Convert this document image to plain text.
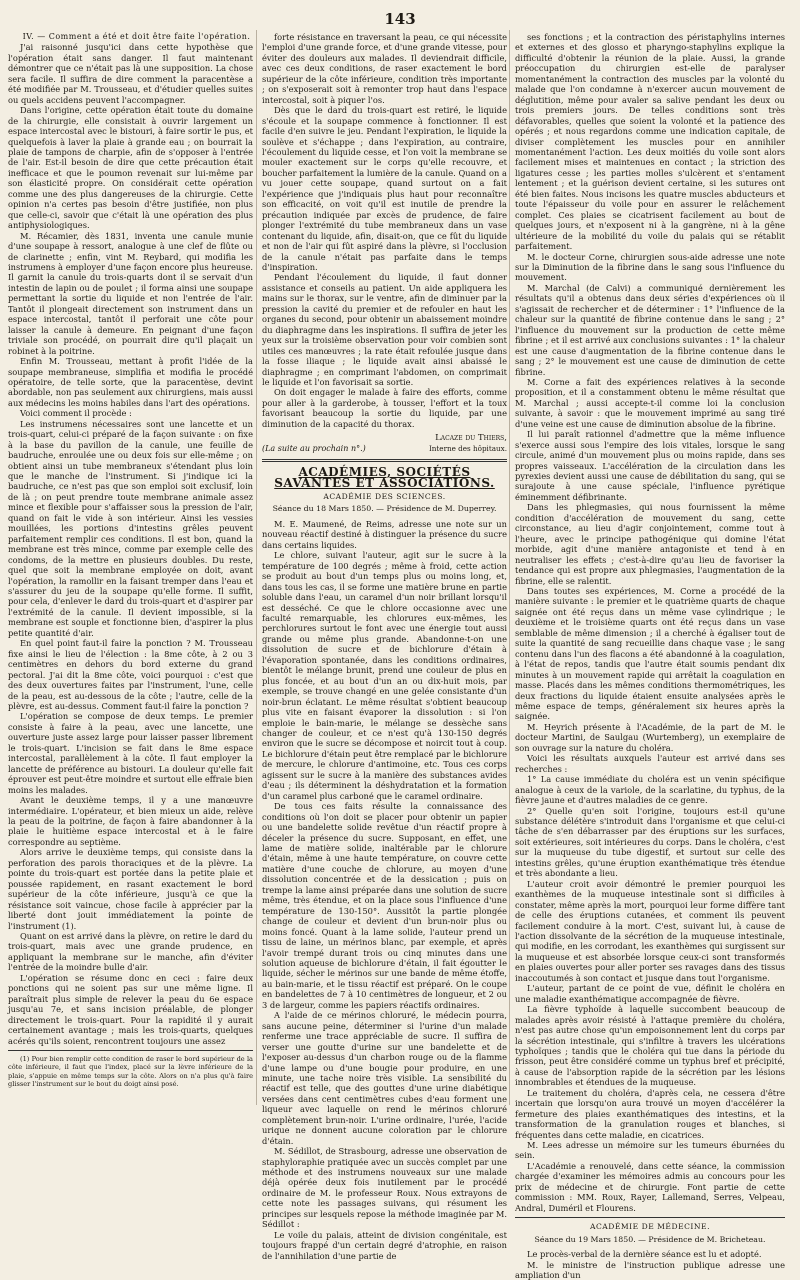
143

IV. — Comment a été et doit être faite l'opération.

J'ai raisonné jusqu'ici dans cette hypothèse que l'opération était sans danger. Il faut maintenant démontrer que ce n'était pas là une supposition. La chose sera facile. Il suffira de dire comment la paracentèse a été modifiée par M. Trousseau, et d'étudier quelles suites ou quels accidens peuvent l'accompagner.

Dans l'origine, cette opération était toute du domaine de la chirurgie, elle consistait à ouvrir largement un espace intercostal avec le bistouri, à faire sortir le pus, et quelquefois à laver la plaie à grande eau ; on bourrait la plaie de tampons de charpie, afin de s'opposer à l'entrée de l'air. Est-il besoin de dire que cette précaution était inefficace et que le poumon revenait sur lui-même par son élasticité propre. On considérait cette opération comme une des plus dangereuses de la chirurgie. Cette opinion n'a certes pas besoin d'être justifiée, non plus que celle-ci, savoir que c'était là une opération des plus antiphysiologiques.

M. Récamier, dès 1831, inventa une canule munie d'une soupape à ressort, analogue à une clef de flûte ou de clarinette ; enfin, vint M. Reybard, qui modifia les instrumens à employer d'une façon encore plus heureuse. Il garnit la canule du trois-quarts dont il se servait d'un intestin de lapin ou de poulet ; il forma ainsi une soupape permettant la sortie du liquide et non l'entrée de l'air. Tantôt il plongeait directement son instrument dans un espace intercostal, tantôt il perforait une côte pour laisser la canule à demeure. En peignant d'une façon triviale son procédé, on pourrait dire qu'il plaçait un robinet à la poitrine.

Enfin M. Trousseau, mettant à profit l'idée de la soupape membraneuse, simplifia et modifia le procédé opératoire, de telle sorte, que la paracentèse, devint abordable, non pas seulement aux chirurgiens, mais aussi aux médecins les moins habiles dans l'art des opérations.

Voici comment il procède :

Les instrumens nécessaires sont une lancette et un trois-quart, celui-ci préparé de la façon suivante : on fixe à la base du pavillon de la canule, une feuille de baudruche, enroulée une ou deux fois sur elle-même ; on obtient ainsi un tube membraneux s'étendant plus loin que le manche de l'instrument. Si j'indique ici la baudruche, ce n'est pas que son emploi soit exclusif, loin de là ; on peut prendre toute membrane animale assez mince et flexible pour s'affaisser sous la pression de l'air, quand on fait le vide à son intérieur. Ainsi les vessies mouillées, les portions d'intestins grêles peuvent parfaitement remplir ces conditions. Il est bon, quand la membrane est très mince, comme par exemple celle des condoms, de la mettre en plusieurs doubles. Du reste, quel que soit la membrane employée on doit, avant l'opération, la ramollir en la faisant tremper dans l'eau et s'assurer du jeu de la soupape qu'elle forme. Il suffit, pour cela, d'enlever le dard du trois-quart et d'aspirer par l'extrémité de la canule. Il devient impossible, si la membrane est souple et fonctionne bien, d'aspirer la plus petite quantité d'air.

En quel point faut-il faire la ponction ? M. Trousseau fixe ainsi le lieu de l'élection : la 8me côte, à 2 ou 3 centimètres en dehors du bord externe du grand pectoral. J'ai dit la 8me côte, voici pourquoi : c'est que des deux ouvertures faites par l'instrument, l'une, celle de la peau, est au-dessous de la côte ; l'autre, celle de la plèvre, est au-dessus. Comment faut-il faire la ponction ?

L'opération se compose de deux temps. Le premier consiste à faire à la peau, avec une lancette, une ouverture juste assez large pour laisser passer librement le trois-quart. L'incision se fait dans le 8me espace intercostal, parallèlement à la côte. Il faut employer la lancette de préférence au bistouri. La douleur qu'elle fait éprouver est peut-être moindre et surtout elle effraie bien moins les malades.

Avant le deuxième temps, il y a une manœuvre intermédiaire. L'opérateur, et bien mieux un aide, relève la peau de la poitrine, de façon à faire abandonner à la plaie le huitième espace intercostal et à le faire correspondre au septième.

Alors arrive le deuxième temps, qui consiste dans la perforation des parois thoraciques et de la plèvre. La pointe du trois-quart est portée dans la petite plaie et poussée rapidement, en rasant exactement le bord supérieur de la côte inférieure, jusqu'à ce que la résistance soit vaincue, chose facile à apprécier par la liberté dont jouit immédiatement la pointe de l'instrument (1).

Quant on est arrivé dans la plèvre, on retire le dard du trois-quart, mais avec une grande prudence, en appliquant la membrane sur le manche, afin d'éviter l'entrée de la moindre bulle d'air.

L'opération se résume donc en ceci : faire deux ponctions qui ne soient pas sur une même ligne. Il paraîtrait plus simple de relever la peau du 6e espace jusqu'au 7e, et sans incision préalable, de plonger directement le trois-quart. Pour la rapidité il y aurait certainement avantage ; mais les trois-quarts, quelques acérés qu'ils soient, rencontrent toujours une assez

(1) Pour bien remplir cette condition de raser le bord supérieur de la côte inférieure, il faut que l'index, placé sur la lèvre inférieure de la plaie, s'appuie en même temps sur la côte. Alors on n'a plus qu'à faire glisser l'instrument sur le bout du doigt ainsi posé.

forte résistance en traversant la peau, ce qui nécessite l'emploi d'une grande force, et d'une grande vitesse, pour éviter des douleurs aux malades. Il deviendrait difficile, avec ces deux conditions, de raser exactement le bord supérieur de la côte inférieure, condition très importante ; on s'exposerait soit à remonter trop haut dans l'espace intercostal, soit à piquer l'os.

Dès que le dard du trois-quart est retiré, le liquide s'écoule et la soupape commence à fonctionner. Il est facile d'en suivre le jeu. Pendant l'expiration, le liquide la soulève et s'échappe ; dans l'expiration, au contraire, l'écoulement du liquide cesse, et l'on voit la membrane se mouler exactement sur le corps qu'elle recouvre, et boucher parfaitement la lumière de la canule. Quand on a vu jouer cette soupape, quand surtout on a fait l'expérience que j'indiquais plus haut pour reconnaître son efficacité, on voit qu'il est inutile de prendre la précaution indiquée par excès de prudence, de faire plonger l'extrémité du tube membraneux dans un vase contenant du liquide, afin, disait-on, que ce fût du liquide et non de l'air qui fût aspiré dans la plèvre, si l'occlusion de la canule n'était pas parfaite dans le temps d'inspiration.

Pendant l'écoulement du liquide, il faut donner assistance et conseils au patient. Un aide appliquera les mains sur le thorax, sur le ventre, afin de diminuer par la pression la cavité du premier et de refouler en haut les organes du second, pour obtenir un abaissement moindre du diaphragme dans les inspirations. Il suffira de jeter les yeux sur la troisième observation pour voir combien sont utiles ces manœuvres ; la rate était refoulée jusque dans la fosse iliaque ; le liquide avait ainsi abaissé le diaphragme ; en comprimant l'abdomen, on comprimait le liquide et l'on favorisait sa sortie.

On doit engager le malade à faire des efforts, comme pour aller à la garderobe, à tousser, l'effort et la toux favorisant beaucoup la sortie du liquide, par une diminution de la capacité du thorax.

Lacaze du Thiers,
(La suite au prochain n°.)	Interne des hôpitaux.
ACADÉMIES, SOCIÉTÉS SAVANTES ET ASSOCIATIONS.
ACADÉMIE DES SCIENCES.
Séance du 18 Mars 1850. — Présidence de M. Duperrey.

M. E. Maumené, de Reims, adresse une note sur un nouveau réactif destiné à distinguer la présence du sucre dans certains liquides.

Le chlore, suivant l'auteur, agit sur le sucre à la température de 100 degrés ; même à froid, cette action se produit au bout d'un temps plus ou moins long, et, dans tous les cas, il se forme une matière brune en partie soluble dans l'eau, un caramel d'un noir brillant lorsqu'il est desséché. Ce que le chlore occasionne avec une faculté remarquable, les chlorures eux-mêmes, les perchlorures surtout le font avec une énergie tout aussi grande ou même plus grande. Abandonne-t-on une dissolution de sucre et de bichlorure d'étain à l'évaporation spontanée, dans les conditions ordinaires, bientôt le mélange brunit, prend une couleur de plus en plus foncée, et au bout d'un an ou dix-huit mois, par exemple, se trouve changé en une gelée consistante d'un noir-brun éclatant. Le même résultat s'obtient beaucoup plus vite en faisant évaporer la dissolution : si l'on emploie le bain-marie, le mélange se dessèche sans changer de couleur, et ce n'est qu'à 130-150 degrés environ que le sucre se décompose et noircit tout à coup. Le bichlorure d'étain peut être remplacé par le bichlorure de mercure, le chlorure d'antimoine, etc. Tous ces corps agissent sur le sucre à la manière des substances avides d'eau ; ils déterminent la déshydratation et la formation d'un caramel plus carboné que le caramel ordinaire.

De tous ces faits résulte la connaissance des conditions où l'on doit se placer pour obtenir un papier ou une bandelette solide revêtue d'un réactif propre à déceler la présence du sucre. Supposant, en effet, une lame de matière solide, inaltérable par le chlorure d'étain, même à une haute température, on couvre cette matière d'une couche de chlorure, au moyen d'une dissolution concentrée et de la dessication ; puis on trempe la lame ainsi préparée dans une solution de sucre même, très étendue, et on la place sous l'influence d'une température de 130-150°. Aussitôt la partie plongée change de couleur et devient d'un brun-noir plus ou moins foncé. Quant à la lame solide, l'auteur prend un tissu de laine, un mérinos blanc, par exemple, et après l'avoir trempé durant trois ou cinq minutes dans une solution aqueuse de bichlorure d'étain, il fait égoutter le liquide, sécher le mérinos sur une bande de même étoffe, au bain-marie, et le tissu réactif est préparé. On le coupe en bandelettes de 7 à 10 centimètres de longueur, et 2 ou 3 de largeur, comme les papiers réactifs ordinaires.

A l'aide de ce mérinos chloruré, le médecin pourra, sans aucune peine, déterminer si l'urine d'un malade renferme une trace appréciable de sucre. Il suffira de verser une goutte d'urine sur une bandelette et de l'exposer au-dessus d'un charbon rouge ou de la flamme d'une lampe ou d'une bougie pour produire, en une minute, une tache noire très visible. La sensibilité du réactif est telle, que des gouttes d'une urine diabétique versées dans cent centimètres cubes d'eau forment une liqueur avec laquelle on rend le mérinos chloruré complètement brun-noir. L'urine ordinaire, l'urée, l'acide urique ne donnent aucune coloration par le chlorure d'étain.

M. Sédillot, de Strasbourg, adresse une observation de staphyloraphie pratiquée avec un succès complet par une méthode et des instrumens nouveaux sur une malade déjà opérée deux fois inutilement par le procédé ordinaire de M. le professeur Roux. Nous extrayons de cette note les passages suivans, qui résument les principes sur lesquels repose la méthode imaginée par M. Sédillot :

Le voile du palais, atteint de division congénitale, est toujours frappé d'un certain degré d'atrophie, en raison de l'annihilation d'une partie de

ses fonctions ; et la contraction des péristaphylins internes et externes et des glosso et pharyngo-staphylins explique la difficulté d'obtenir la réunion de la plaie. Aussi, la grande préoccupation du chirurgien est-elle de paralyser momentanément la contraction des muscles par la volonté du malade que l'on condamne à n'exercer aucun mouvement de déglutition, même pour avaler sa salive pendant les deux ou trois premiers jours. De telles conditions sont très défavorables, quelles que soient la volonté et la patience des opérés ; et nous regardons comme une indication capitale, de diviser complètement les muscles pour en annihiler momentanément l'action. Les deux moitiés du voile sont alors facilement mises et maintenues en contact ; la striction des ligatures cesse ; les parties molles s'ulcèrent et s'entament lentement ; et la guérison devient certaine, si les sutures ont été bien faites. Nous incisons les quatre muscles abducteurs et toute l'épaisseur du voile pour en assurer le relâchement complet. Ces plaies se cicatrisent facilement au bout de quelques jours, et n'exposent ni à la gangrène, ni à la gêne ultérieure de la mobilité du voile du palais qui se rétablit parfaitement.

M. le docteur Corne, chirurgien sous-aide adresse une note sur la Diminution de la fibrine dans le sang sous l'influence du mouvement.

M. Marchal (de Calvi) a communiqué dernièrement les résultats qu'il a obtenus dans deux séries d'expériences où il s'agissait de rechercher et de déterminer : 1° l'influence de la chaleur sur la quantité de fibrine contenue dans le sang ; 2° l'influence du mouvement sur la production de cette même fibrine ; et il est arrivé aux conclusions suivantes : 1° la chaleur est une cause d'augmentation de la fibrine contenue dans le sang ; 2° le mouvement est une cause de diminution de cette fibrine.

M. Corne a fait des expériences relatives à la seconde proposition, et il a constamment obtenu le même résultat que M. Marchal ; aussi accepte-t-il comme loi la conclusion suivante, à savoir : que le mouvement imprimé au sang tiré d'une veine est une cause de diminution absolue de la fibrine.

Il lui paraît rationnel d'admettre que la même influence s'exerce aussi sous l'empire des lois vitales, lorsque le sang circule, animé d'un mouvement plus ou moins rapide, dans ses propres vaisseaux. L'accélération de la circulation dans les pyrexies devient aussi une cause de débilitation du sang, qui se surajoute à une cause spéciale, l'influence pyrétique éminemment défibrinante.

Dans les phlegmasies, qui nous fournissent la même condition d'accélération de mouvement du sang, cette circonstance, au lieu d'agir conjointement, comme tout à l'heure, avec le principe pathogénique qui domine l'état morbide, agit d'une manière antagoniste et tend à en neutraliser les effets ; c'est-à-dire qu'au lieu de favoriser la tendance qui est propre aux phlegmasies, l'augmentation de la fibrine, elle se ralentit.

Dans toutes ses expériences, M. Corne a procédé de la manière suivante : le premier et le quatrième quarts de chaque saignée ont été reçus dans un même vase cylindrique ; le deuxième et le troisième quarts ont été reçus dans un vase semblable de même dimension ; il a cherché à égaliser tout de suite la quantité de sang recueillie dans chaque vase ; le sang contenu dans l'un des flacons a été abandonné à la coagulation, à l'état de repos, tandis que l'autre était soumis pendant dix minutes à un mouvement rapide qui arrêtait la coagulation en masse. Placés dans les mêmes conditions thermométriques, les deux fractions du liquide étaient ensuite analysées après le même espace de temps, généralement six heures après la saignée.

M. Heyrich présente à l'Académie, de la part de M. le docteur Martini, de Saulgau (Wurtemberg), un exemplaire de son ouvrage sur la nature du choléra.

Voici les résultats auxquels l'auteur est arrivé dans ses recherches :

1° La cause immédiate du choléra est un venin spécifique analogue à ceux de la variole, de la scarlatine, du typhus, de la fièvre jaune et d'autres maladies de ce genre.

2° Quelle qu'en soit l'origine, toujours est-il qu'une substance délétère s'introduit dans l'organisme et que celui-ci tâche de s'en débarrasser par des éruptions sur les surfaces, soit extérieures, soit intérieures du corps. Dans le choléra, c'est sur la muqueuse du tube digestif, et surtout sur celle des intestins grêles, qu'une éruption exanthématique très étendue et très abondante a lieu.

L'auteur croit avoir démontré le premier pourquoi les exanthèmes de la muqueuse intestinale sont si difficiles à constater, même après la mort, pourquoi leur forme diffère tant de celle des éruptions cutanées, et comment ils peuvent facilement conduire à la mort. C'est, suivant lui, à cause de l'action dissolvante de la sécrétion de la muqueuse intestinale, qui modifie, en les corrodant, les exanthèmes qui surgissent sur la muqueuse et est absorbée lorsque ceux-ci sont transformés en plaies ouvertes pour aller porter ses ravages dans des tissus inaccoutumés à son contact et jusque dans tout l'organisme.

L'auteur, partant de ce point de vue, définit le choléra en une maladie exanthématique accompagnée de fièvre.

La fièvre typhoïde à laquelle succombent beaucoup de malades après avoir résisté à l'attaque première du choléra, n'est pas autre chose qu'un empoisonnement lent du corps par la sécrétion intestinale, qui s'infiltre à travers les ulcérations typhoïques ; tandis que le choléra qui tue dans la période du frisson, peut être considéré comme un typhus bref et précipité, à cause de l'absorption rapide de la sécrétion par les lésions innombrables et étendues de la muqueuse.

Le traitement du choléra, d'après cela, ne cessera d'être incertain que lorsqu'on aura trouvé un moyen d'accélérer la fermeture des plaies exanthématiques des intestins, et la transformation de la granulation rouges et blanches, si fréquentes dans cette maladie, en cicatrices.

M. Lees adresse un mémoire sur les tumeurs éburnées du sein.

L'Académie a renouvelé, dans cette séance, la commission chargée d'examiner les mémoires admis au concours pour les prix de médecine et de chirurgie. Font partie de cette commission : MM. Roux, Rayer, Lallemand, Serres, Velpeau, Andral, Duméril et Flourens.

ACADÉMIE DE MÉDECINE.
Séance du 19 Mars 1850. — Présidence de M. Bricheteau.

Le procès-verbal de la dernière séance est lu et adopté.

M. le ministre de l'instruction publique adresse une ampliation d'un
